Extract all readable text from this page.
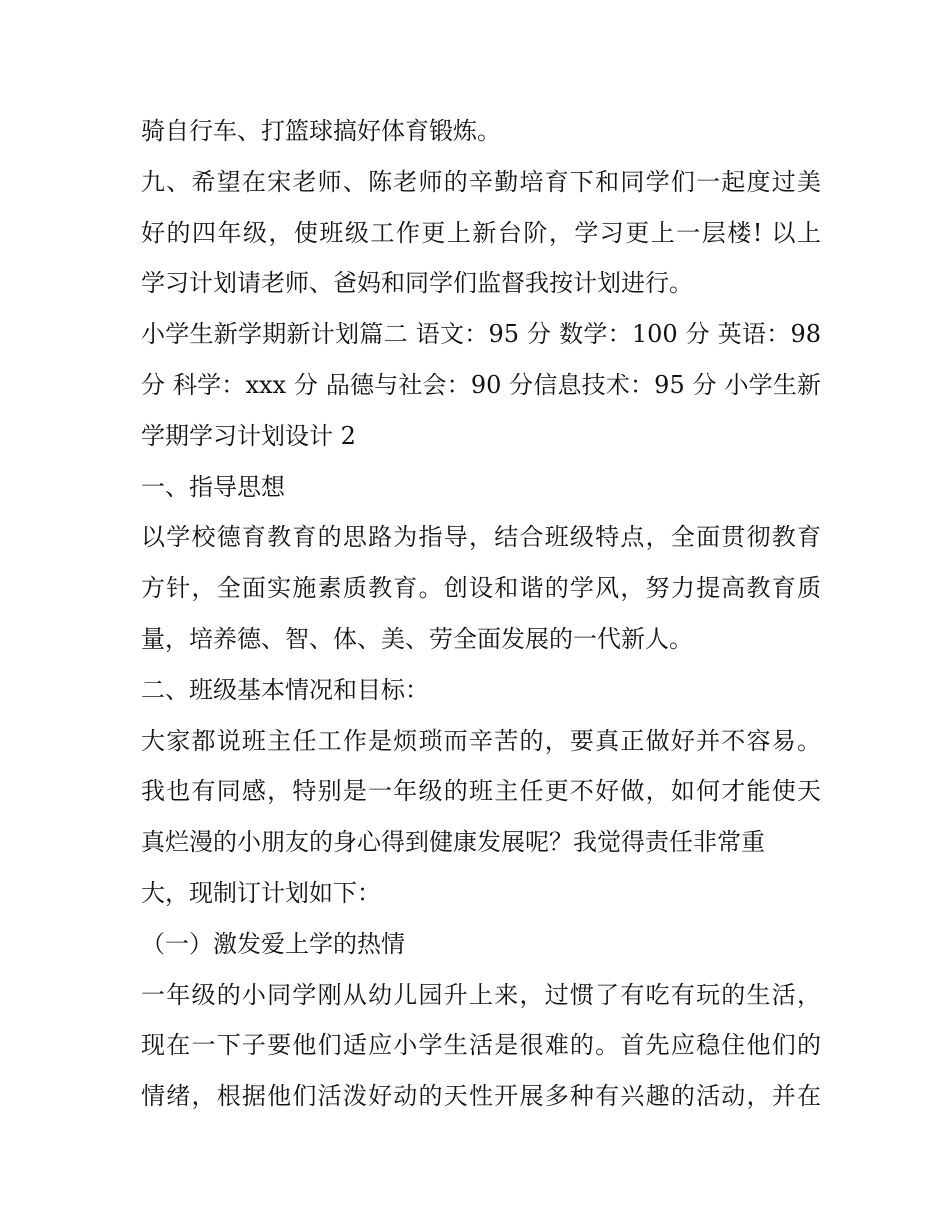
骑自行车、打篮球搞好体育锻炼。
九、希望在宋老师、陈老师的辛勤培育下和同学们一起度过美
好的四年级，使班级工作更上新台阶，学习更上一层楼! 以上
学习计划请老师、爸妈和同学们监督我按计划进行。
小学生新学期新计划篇二 语文：95 分 数学：100 分 英语：98
分 科学：xxx 分 品德与社会：90 分信息技术：95 分 小学生新
学期学习计划设计 2
一、指导思想
以学校德育教育的思路为指导，结合班级特点，全面贯彻教育
方针，全面实施素质教育。创设和谐的学风，努力提高教育质
量，培养德、智、体、美、劳全面发展的一代新人。
二、班级基本情况和目标：
大家都说班主任工作是烦琐而辛苦的，要真正做好并不容易。
我也有同感，特别是一年级的班主任更不好做，如何才能使天
真烂漫的小朋友的身心得到健康发展呢？我觉得责任非常重
大，现制订计划如下：
（一）激发爱上学的热情
一年级的小同学刚从幼儿园升上来，过惯了有吃有玩的生活，
现在一下子要他们适应小学生活是很难的。首先应稳住他们的
情绪，根据他们活泼好动的天性开展多种有兴趣的活动，并在
